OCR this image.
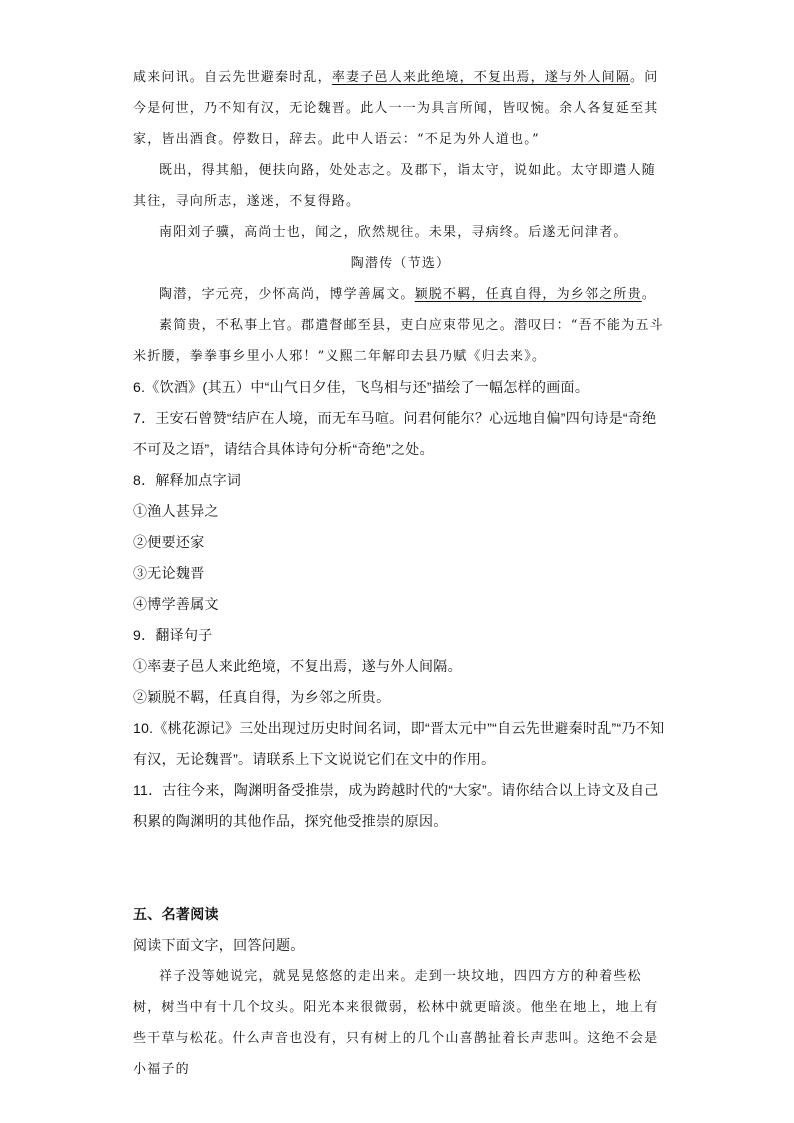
咸来问讯。自云先世避秦时乱，率妻子邑人来此绝境，不复出焉，遂与外人间隔。问今是何世，乃不知有汉，无论魏晋。此人一一为具言所闻，皆叹惋。余人各复延至其家，皆出酒食。停数日，辞去。此中人语云：“不足为外人道也。”

既出，得其船，便扶向路，处处志之。及郡下，诣太守，说如此。太守即遣人随其往，寻向所志，遂迷，不复得路。

南阳刘子骥，高尚士也，闻之，欣然规往。未果，寻病终。后遂无问津者。

陶潜传（节选）

陶潜，字元亮，少怀高尚，博学善属文。颖脱不羁，任真自得，为乡邻之所贵。

素简贵，不私事上官。郡遣督邮至县，吏白应束带见之。潜叹曰：“吾不能为五斗米折腰，拳拳事乡里小人邪！”义熙二年解印去县乃赋《归去来》。

6.《饮酒》(其五）中“山气日夕佳，飞鸟相与还”描绘了一幅怎样的画面。

7．王安石曾赞“结庐在人境，而无车马喧。问君何能尔？心远地自偏”四句诗是“奇绝不可及之语”，请结合具体诗句分析“奇绝”之处。

8．解释加点字词

①渔人甚异之

②便要还家

③无论魏晋

④博学善属文

9．翻译句子

①率妻子邑人来此绝境，不复出焉，遂与外人间隔。

②颖脱不羁，任真自得，为乡邻之所贵。

10.《桃花源记》三处出现过历史时间名词，即“晋太元中”“自云先世避秦时乱”“乃不知有汉，无论魏晋”。请联系上下文说说它们在文中的作用。

11．古往今来，陶渊明备受推崇，成为跨越时代的“大家”。请你结合以上诗文及自己积累的陶渊明的其他作品，探究他受推崇的原因。

五、名著阅读

阅读下面文字，回答问题。

祥子没等她说完，就晃晃悠悠的走出来。走到一块坟地，四四方方的种着些松树，树当中有十几个坟头。阳光本来很微弱，松林中就更暗淡。他坐在地上，地上有些干草与松花。什么声音也没有，只有树上的几个山喜鹊扯着长声悲叫。这绝不会是小福子的
